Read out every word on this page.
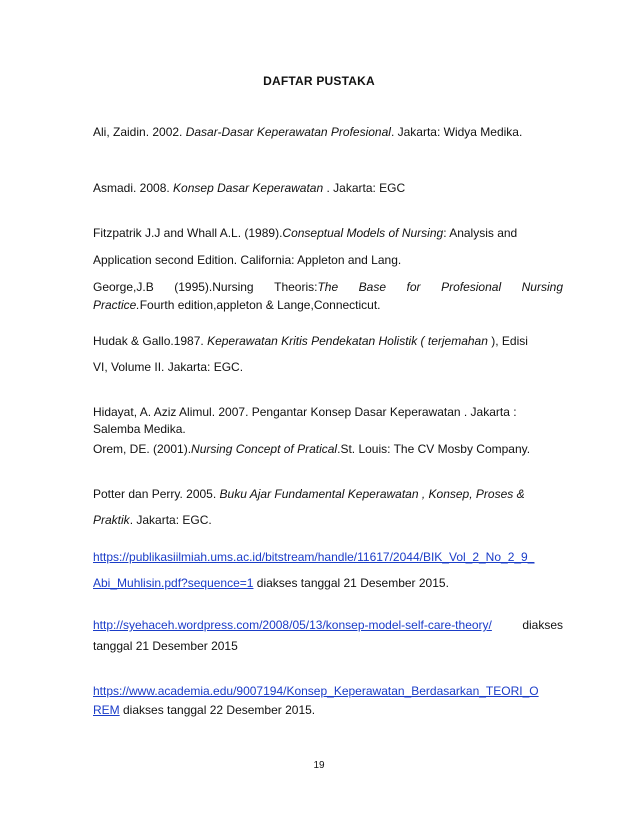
DAFTAR PUSTAKA
Ali, Zaidin. 2002. Dasar-Dasar Keperawatan Profesional. Jakarta: Widya Medika.
Asmadi. 2008. Konsep Dasar Keperawatan . Jakarta: EGC
Fitzpatrik J.J and Whall A.L. (1989).Conseptual Models of Nursing: Analysis and
Application second Edition. California: Appleton and Lang.
George,J.B (1995).Nursing Theoris:The Base for Profesional Nursing
Practice.Fourth edition,appleton & Lange,Connecticut.
Hudak & Gallo.1987. Keperawatan Kritis Pendekatan Holistik ( terjemahan ), Edisi
VI, Volume II. Jakarta: EGC.
Hidayat, A. Aziz Alimul. 2007. Pengantar Konsep Dasar Keperawatan . Jakarta :
Salemba Medika.
Orem, DE. (2001).Nursing Concept of Pratical.St. Louis: The CV Mosby Company.
Potter dan Perry. 2005. Buku Ajar Fundamental Keperawatan , Konsep, Proses &
Praktik. Jakarta: EGC.
https://publikasiilmiah.ums.ac.id/bitstream/handle/11617/2044/BIK_Vol_2_No_2_9_
Abi_Muhlisin.pdf?sequence=1 diakses tanggal 21 Desember 2015.
http://syehaceh.wordpress.com/2008/05/13/konsep-model-self-care-theory/	diakses
tanggal 21 Desember 2015
https://www.academia.edu/9007194/Konsep_Keperawatan_Berdasarkan_TEORI_O
REM diakses tanggal 22 Desember 2015.
19
